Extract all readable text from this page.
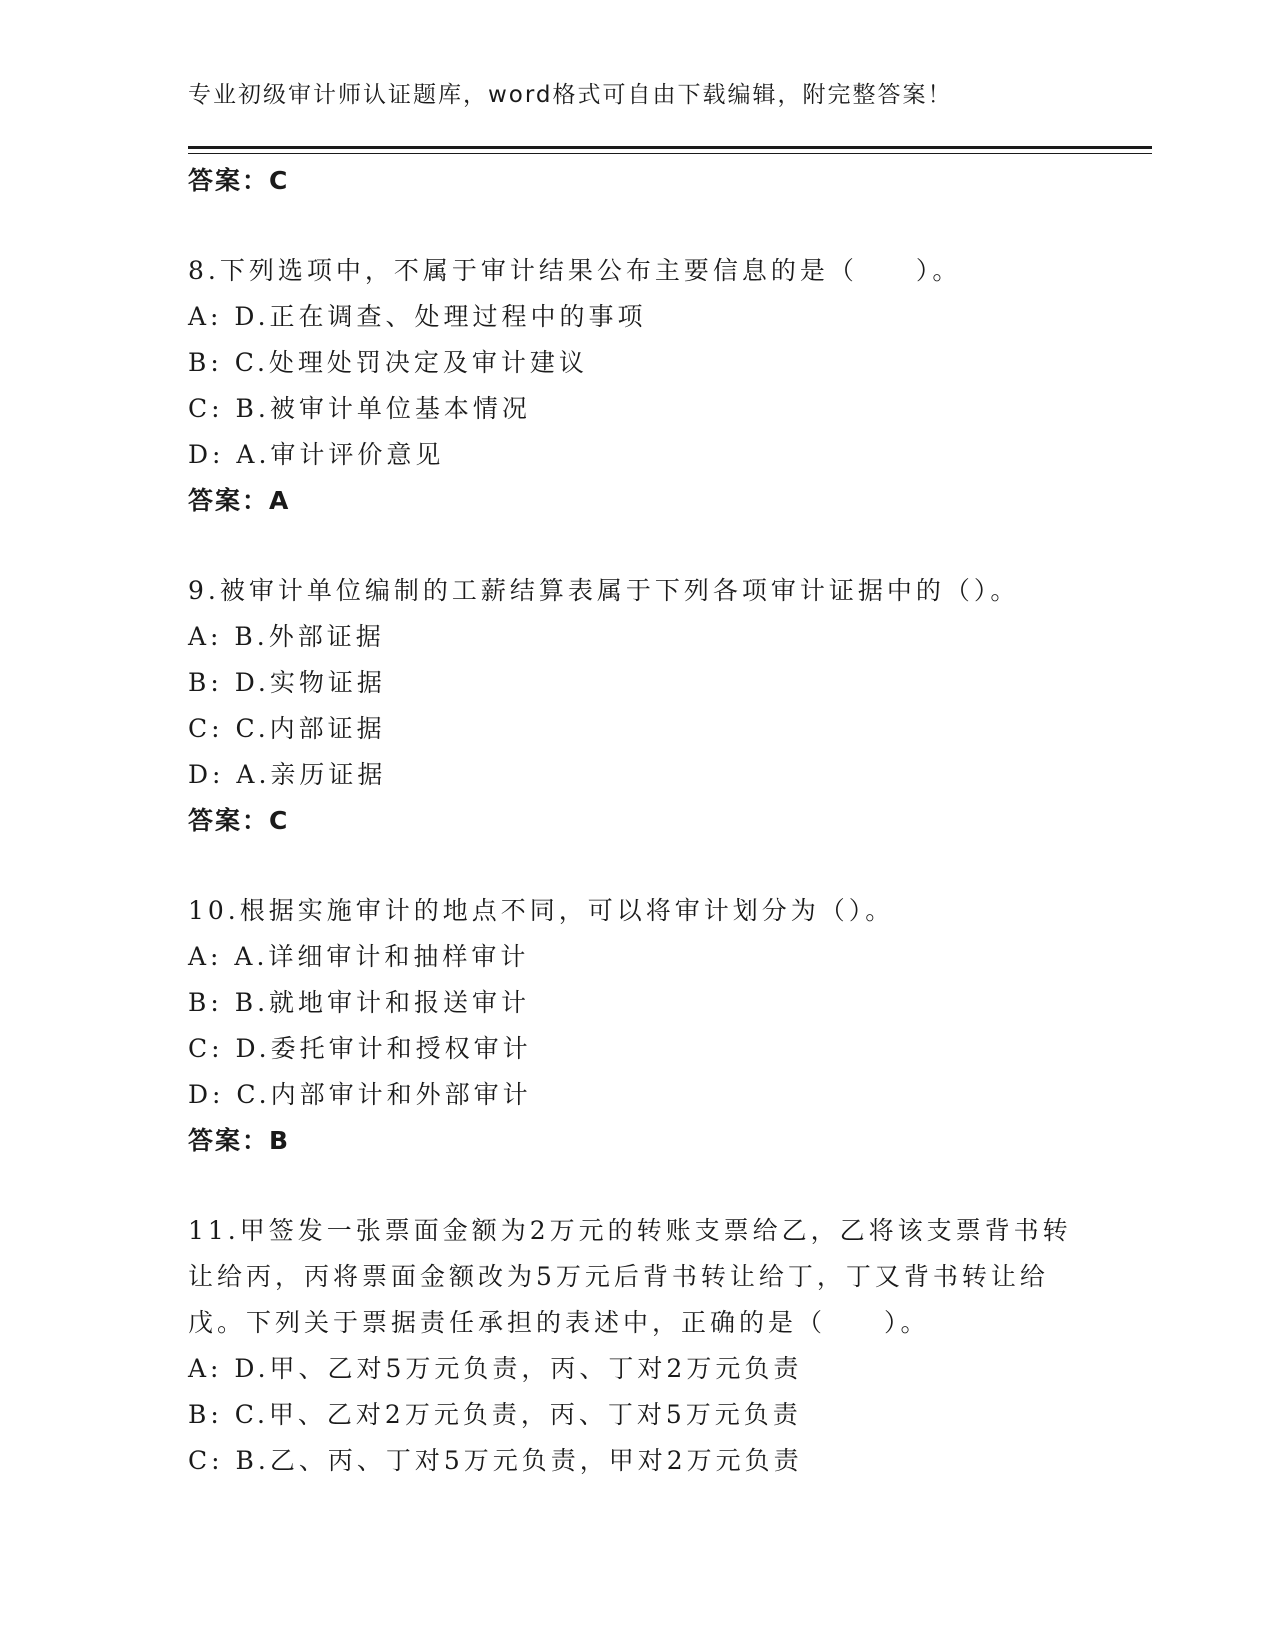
专业初级审计师认证题库，word格式可自由下载编辑，附完整答案！
答案：C
8.下列选项中，不属于审计结果公布主要信息的是（　　）。
A: D.正在调查、处理过程中的事项
B: C.处理处罚决定及审计建议
C: B.被审计单位基本情况
D: A.审计评价意见
答案：A
9.被审计单位编制的工薪结算表属于下列各项审计证据中的（）。
A: B.外部证据
B: D.实物证据
C: C.内部证据
D: A.亲历证据
答案：C
10.根据实施审计的地点不同，可以将审计划分为（）。
A: A.详细审计和抽样审计
B: B.就地审计和报送审计
C: D.委托审计和授权审计
D: C.内部审计和外部审计
答案：B
11.甲签发一张票面金额为2万元的转账支票给乙，乙将该支票背书转
让给丙，丙将票面金额改为5万元后背书转让给丁，丁又背书转让给
戊。下列关于票据责任承担的表述中，正确的是（　　）。
A: D.甲、乙对5万元负责，丙、丁对2万元负责
B: C.甲、乙对2万元负责，丙、丁对5万元负责
C: B.乙、丙、丁对5万元负责，甲对2万元负责
